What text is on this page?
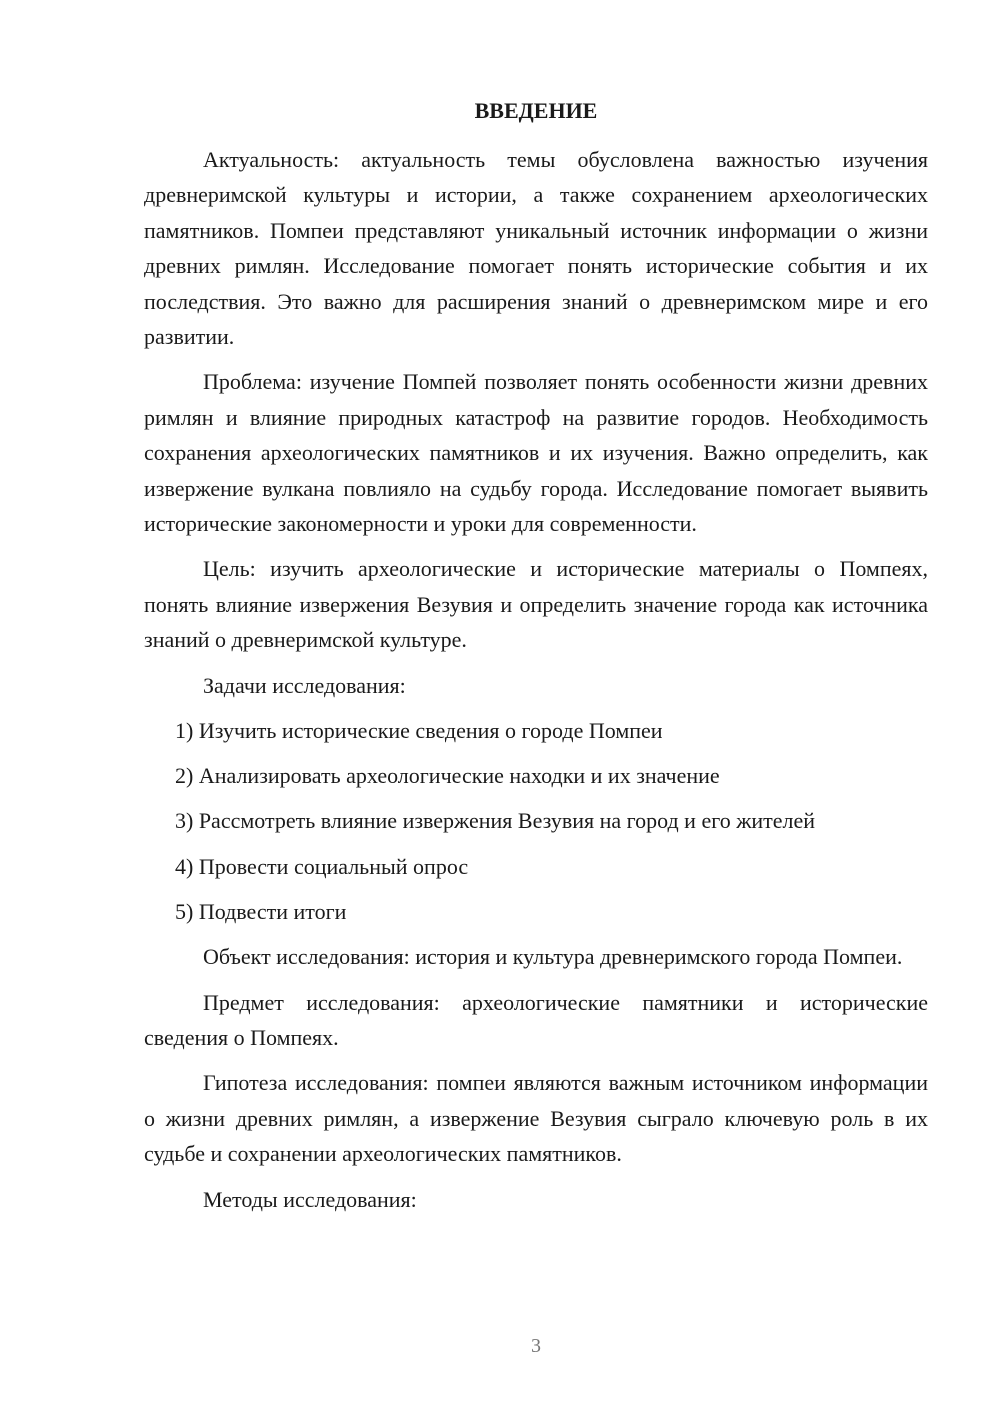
ВВЕДЕНИЕ

Актуальность: актуальность темы обусловлена важностью изучения древнеримской культуры и истории, а также сохранением археологических памятников. Помпеи представляют уникальный источник информации о жизни древних римлян. Исследование помогает понять исторические события и их последствия. Это важно для расширения знаний о древнеримском мире и его развитии.

Проблема: изучение Помпей позволяет понять особенности жизни древних римлян и влияние природных катастроф на развитие городов. Необходимость сохранения археологических памятников и их изучения. Важно определить, как извержение вулкана повлияло на судьбу города. Исследование помогает выявить исторические закономерности и уроки для современности.

Цель: изучить археологические и исторические материалы о Помпеях, понять влияние извержения Везувия и определить значение города как источника знаний о древнеримской культуре.

Задачи исследования:

1) Изучить исторические сведения о городе Помпеи

2) Анализировать археологические находки и их значение

3) Рассмотреть влияние извержения Везувия на город и его жителей

4) Провести социальный опрос

5) Подвести итоги

Объект исследования: история и культура древнеримского города Помпеи.

Предмет исследования: археологические памятники и исторические сведения о Помпеях.

Гипотеза исследования: помпеи являются важным источником информации о жизни древних римлян, а извержение Везувия сыграло ключевую роль в их судьбе и сохранении археологических памятников.

Методы исследования:

3
